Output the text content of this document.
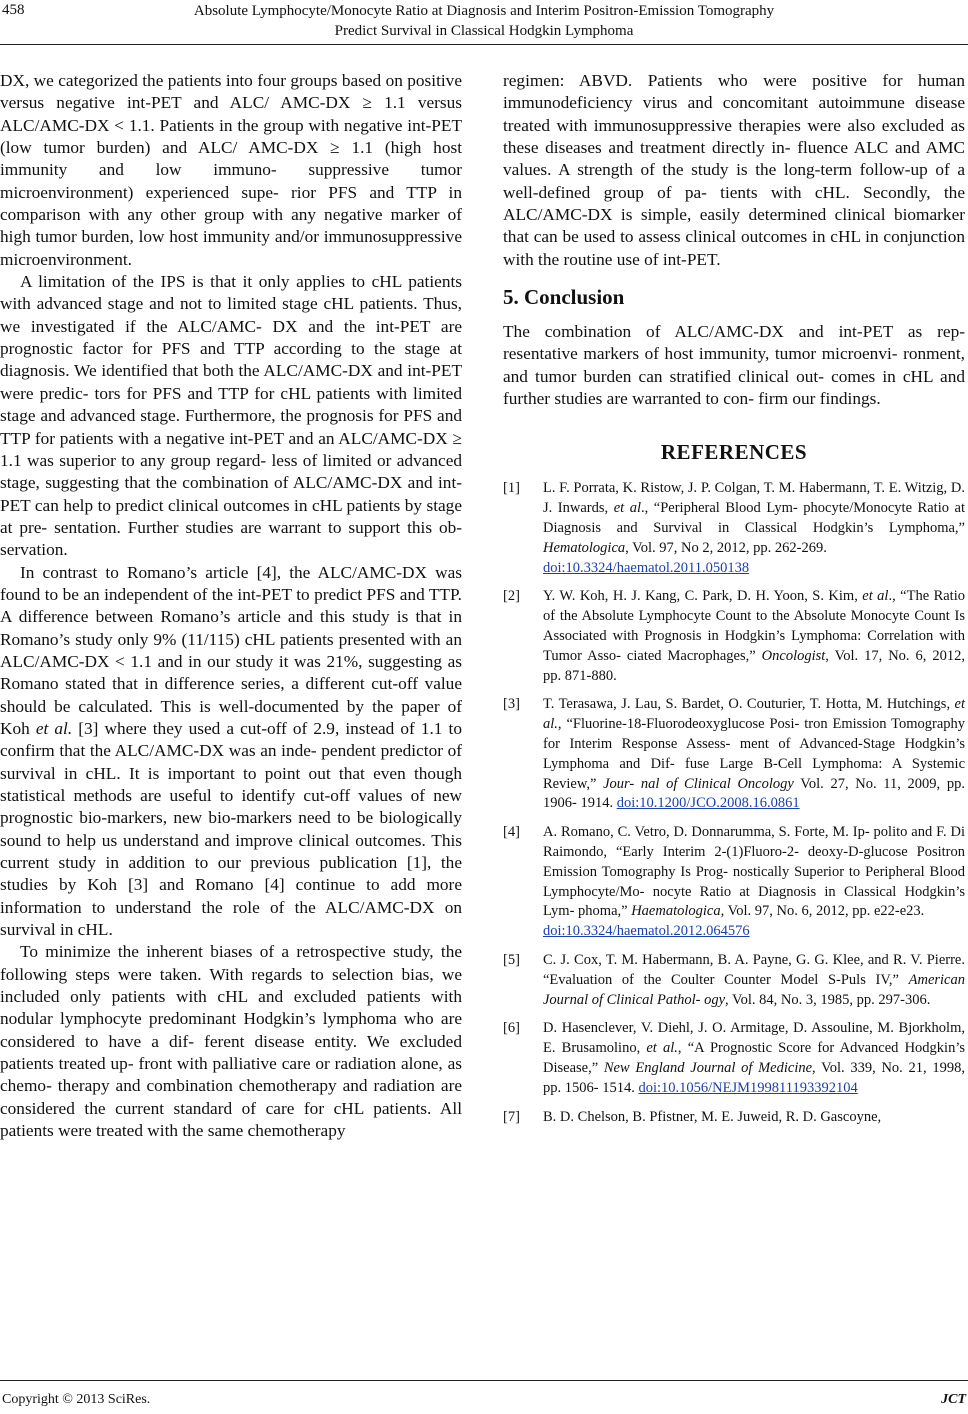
458	Absolute Lymphocyte/Monocyte Ratio at Diagnosis and Interim Positron-Emission Tomography
Predict Survival in Classical Hodgkin Lymphoma

DX, we categorized the patients into four groups based on positive versus negative int-PET and ALC/ AMC-DX ≥ 1.1 versus ALC/AMC-DX < 1.1. Patients in the group with negative int-PET (low tumor burden) and ALC/ AMC-DX ≥ 1.1 (high host immunity and low immuno- suppressive tumor microenvironment) experienced supe- rior PFS and TTP in comparison with any other group with any negative marker of high tumor burden, low host immunity and/or immunosuppressive microenvironment.

A limitation of the IPS is that it only applies to cHL patients with advanced stage and not to limited stage cHL patients. Thus, we investigated if the ALC/AMC- DX and the int-PET are prognostic factor for PFS and TTP according to the stage at diagnosis. We identified that both the ALC/AMC-DX and int-PET were predic- tors for PFS and TTP for cHL patients with limited stage and advanced stage. Furthermore, the prognosis for PFS and TTP for patients with a negative int-PET and an ALC/AMC-DX ≥ 1.1 was superior to any group regard- less of limited or advanced stage, suggesting that the combination of ALC/AMC-DX and int-PET can help to predict clinical outcomes in cHL patients by stage at pre- sentation. Further studies are warrant to support this ob- servation.

In contrast to Romano’s article [4], the ALC/AMC-DX was found to be an independent of the int-PET to predict PFS and TTP. A difference between Romano’s article and this study is that in Romano’s study only 9% (11/115) cHL patients presented with an ALC/AMC-DX < 1.1 and in our study it was 21%, suggesting as Romano stated that in difference series, a different cut-off value should be calculated. This is well-documented by the paper of Koh et al. [3] where they used a cut-off of 2.9, instead of 1.1 to confirm that the ALC/AMC-DX was an inde- pendent predictor of survival in cHL. It is important to point out that even though statistical methods are useful to identify cut-off values of new prognostic bio-markers, new bio-markers need to be biologically sound to help us understand and improve clinical outcomes. This current study in addition to our previous publication [1], the studies by Koh [3] and Romano [4] continue to add more information to understand the role of the ALC/AMC-DX on survival in cHL.

To minimize the inherent biases of a retrospective study, the following steps were taken. With regards to selection bias, we included only patients with cHL and excluded patients with nodular lymphocyte predominant Hodgkin’s lymphoma who are considered to have a dif- ferent disease entity. We excluded patients treated up- front with palliative care or radiation alone, as chemo- therapy and combination chemotherapy and radiation are considered the current standard of care for cHL patients. All patients were treated with the same chemotherapy

regimen: ABVD. Patients who were positive for human immunodeficiency virus and concomitant autoimmune disease treated with immunosuppressive therapies were also excluded as these diseases and treatment directly in- fluence ALC and AMC values. A strength of the study is the long-term follow-up of a well-defined group of pa- tients with cHL. Secondly, the ALC/AMC-DX is simple, easily determined clinical biomarker that can be used to assess clinical outcomes in cHL in conjunction with the routine use of int-PET.

5. Conclusion

The combination of ALC/AMC-DX and int-PET as rep- resentative markers of host immunity, tumor microenvi- ronment, and tumor burden can stratified clinical out- comes in cHL and further studies are warranted to con- firm our findings.

REFERENCES
[1]	L. F. Porrata, K. Ristow, J. P. Colgan, T. M. Habermann, T. E. Witzig, D. J. Inwards, et al., “Peripheral Blood Lym- phocyte/Monocyte Ratio at Diagnosis and Survival in Classical Hodgkin’s Lymphoma,” Hematologica, Vol. 97, No 2, 2012, pp. 262-269.
doi:10.3324/haematol.2011.050138
[2]	Y. W. Koh, H. J. Kang, C. Park, D. H. Yoon, S. Kim, et al., “The Ratio of the Absolute Lymphocyte Count to the Absolute Monocyte Count Is Associated with Prognosis in Hodgkin’s Lymphoma: Correlation with Tumor Asso- ciated Macrophages,” Oncologist, Vol. 17, No. 6, 2012, pp. 871-880.
[3]	T. Terasawa, J. Lau, S. Bardet, O. Couturier, T. Hotta, M. Hutchings, et al., “Fluorine-18-Fluorodeoxyglucose Posi- tron Emission Tomography for Interim Response Assess- ment of Advanced-Stage Hodgkin’s Lymphoma and Dif- fuse Large B-Cell Lymphoma: A Systemic Review,” Jour- nal of Clinical Oncology Vol. 27, No. 11, 2009, pp. 1906- 1914. doi:10.1200/JCO.2008.16.0861
[4]	A. Romano, C. Vetro, D. Donnarumma, S. Forte, M. Ip- polito and F. Di Raimondo, “Early Interim 2-(1)Fluoro-2- deoxy-D-glucose Positron Emission Tomography Is Prog- nostically Superior to Peripheral Blood Lymphocyte/Mo- nocyte Ratio at Diagnosis in Classical Hodgkin’s Lym- phoma,” Haematologica, Vol. 97, No. 6, 2012, pp. e22-e23.
doi:10.3324/haematol.2012.064576
[5]	C. J. Cox, T. M. Habermann, B. A. Payne, G. G. Klee, and R. V. Pierre. “Evaluation of the Coulter Counter Model S-Puls IV,” American Journal of Clinical Pathol- ogy, Vol. 84, No. 3, 1985, pp. 297-306.
[6]	D. Hasenclever, V. Diehl, J. O. Armitage, D. Assouline, M. Bjorkholm, E. Brusamolino, et al., “A Prognostic Score for Advanced Hodgkin’s Disease,” New England Journal of Medicine, Vol. 339, No. 21, 1998, pp. 1506- 1514. doi:10.1056/NEJM199811193392104
[7]	B. D. Chelson, B. Pfistner, M. E. Juweid, R. D. Gascoyne,
Copyright © 2013 SciRes.	JCT
